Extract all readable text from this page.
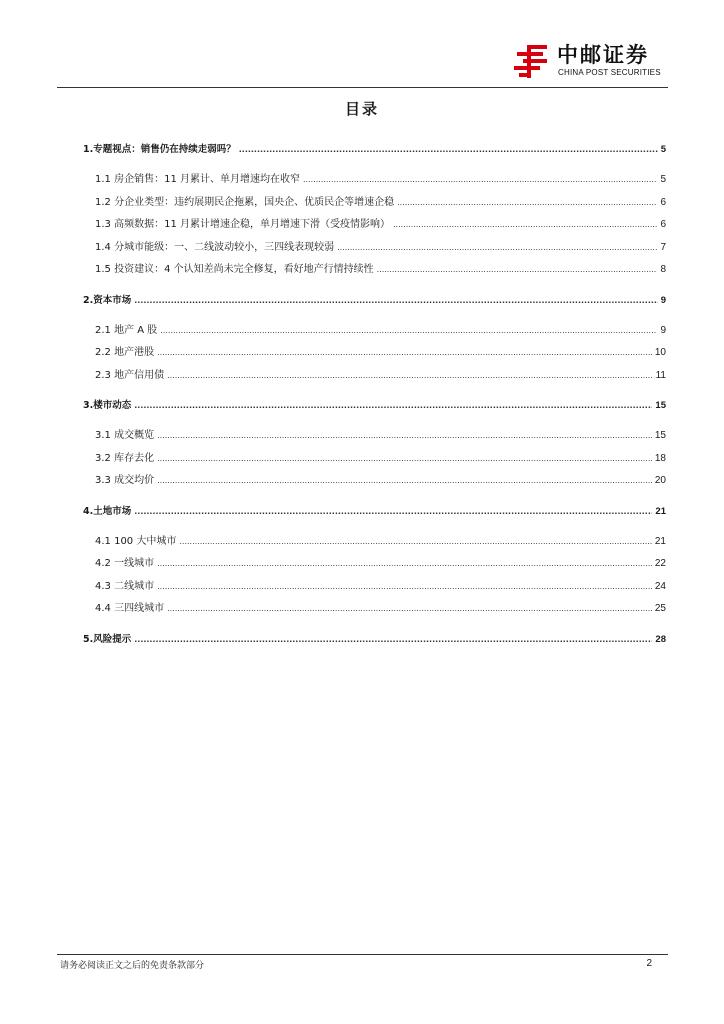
中邮证券
CHINA POST SECURITIES
目录
1.专题视点：销售仍在持续走弱吗？ .....	5
1.1 房企销售：11 月累计、单月增速均在收窄 .....	5
1.2 分企业类型：违约展期民企拖累，国央企、优质民企等增速企稳 .....	6
1.3 高频数据：11 月累计增速企稳，单月增速下滑（受疫情影响） .....	6
1.4 分城市能级：一、二线波动较小，三四线表现较弱 .....	7
1.5 投资建议：4 个认知差尚未完全修复，看好地产行情持续性 .....	8
2.资本市场 .....	9
2.1 地产 A 股 .....	9
2.2 地产港股 .....	10
2.3 地产信用债 .....	11
3.楼市动态 .....	15
3.1 成交概览 .....	15
3.2 库存去化 .....	18
3.3 成交均价 .....	20
4.土地市场 .....	21
4.1 100 大中城市 .....	21
4.2 一线城市 .....	22
4.3 二线城市 .....	24
4.4 三四线城市 .....	25
5.风险提示 .....	28
请务必阅读正文之后的免责条款部分	2
